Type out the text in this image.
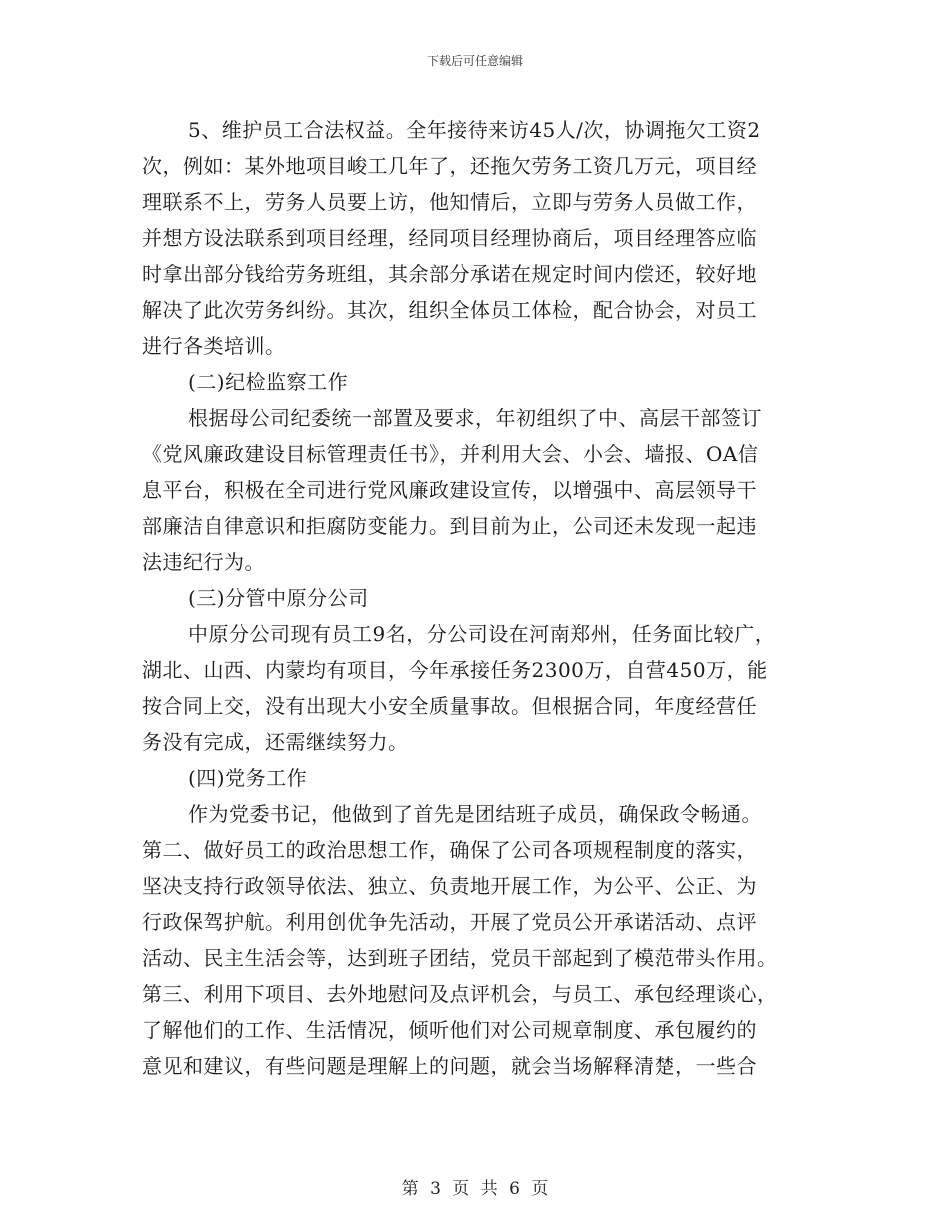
下载后可任意编辑
5、维护员工合法权益。全年接待来访45人/次，协调拖欠工资2
次，例如：某外地项目峻工几年了，还拖欠劳务工资几万元，项目经
理联系不上，劳务人员要上访，他知情后，立即与劳务人员做工作，
并想方设法联系到项目经理，经同项目经理协商后，项目经理答应临
时拿出部分钱给劳务班组，其余部分承诺在规定时间内偿还，较好地
解决了此次劳务纠纷。其次，组织全体员工体检，配合协会，对员工
进行各类培训。
(二)纪检监察工作
根据母公司纪委统一部置及要求，年初组织了中、高层干部签订
《党风廉政建设目标管理责任书》，并利用大会、小会、墙报、OA信
息平台，积极在全司进行党风廉政建设宣传，以增强中、高层领导干
部廉洁自律意识和拒腐防变能力。到目前为止，公司还未发现一起违
法违纪行为。
(三)分管中原分公司
中原分公司现有员工9名，分公司设在河南郑州，任务面比较广，
湖北、山西、内蒙均有项目，今年承接任务2300万，自营450万，能
按合同上交，没有出现大小安全质量事故。但根据合同，年度经营任
务没有完成，还需继续努力。
(四)党务工作
作为党委书记，他做到了首先是团结班子成员，确保政令畅通。
第二、做好员工的政治思想工作，确保了公司各项规程制度的落实，
坚决支持行政领导依法、独立、负责地开展工作，为公平、公正、为
行政保驾护航。利用创优争先活动，开展了党员公开承诺活动、点评
活动、民主生活会等，达到班子团结，党员干部起到了模范带头作用。
第三、利用下项目、去外地慰问及点评机会，与员工、承包经理谈心，
了解他们的工作、生活情况，倾听他们对公司规章制度、承包履约的
意见和建议，有些问题是理解上的问题，就会当场解释清楚，一些合
第 3 页 共 6 页
